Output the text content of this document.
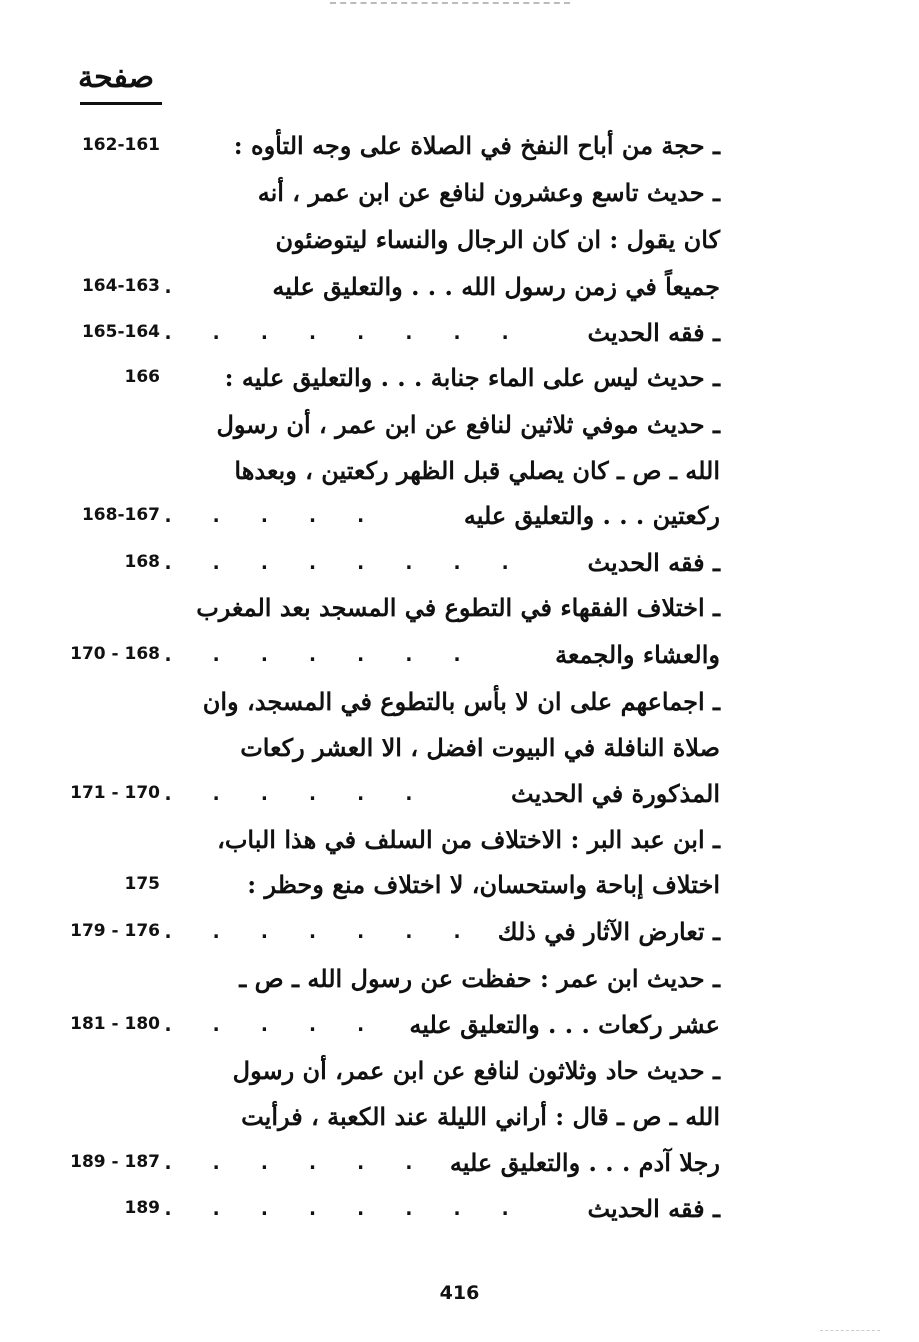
صفحة
162-161	ـ حجة من أباح النفخ في الصلاة على وجه التأوه :
ـ حديث تاسع وعشرون لنافع عن ابن عمر ، أنه
كان يقول : ان كان الرجال والنساء ليتوضئون
164-163 .	جميعاً في زمن رسول الله . . . والتعليق عليه
165-164 .   .   .   .   .   .   .   .	ـ فقه الحديث
166	ـ حديث ليس على الماء جنابة . . . والتعليق عليه :
ـ حديث موفي ثلاثين لنافع عن ابن عمر ، أن رسول
الله ـ ص ـ كان يصلي قبل الظهر ركعتين ، وبعدها
168-167 .   .   .   .   .	ركعتين . . . والتعليق عليه
168 .   .   .   .   .   .   .   .	ـ فقه الحديث
ـ اختلاف الفقهاء في التطوع في المسجد بعد المغرب
170 - 168 .   .   .   .   .   .   .	والعشاء والجمعة
ـ اجماعهم على ان لا بأس بالتطوع في المسجد، وان
صلاة النافلة في البيوت افضل ، الا العشر ركعات
171 - 170 .   .   .   .   .   .	المذكورة في الحديث
ـ ابن عبد البر : الاختلاف من السلف في هذا الباب،
175	اختلاف إباحة واستحسان، لا اختلاف منع وحظر :
179 - 176 .   .   .   .   .   .   .	ـ تعارض الآثار في ذلك
ـ حديث ابن عمر : حفظت عن رسول الله ـ ص ـ
181 - 180 .   .   .   .   .	عشر ركعات . . . والتعليق عليه
ـ حديث حاد وثلاثون لنافع عن ابن عمر، أن رسول
الله ـ ص ـ قال : أراني الليلة عند الكعبة ، فرأيت
189 - 187 .   .   .   .   .   .	رجلا آدم . . . والتعليق عليه
189 .   .   .   .   .   .   .   .	ـ فقه الحديث
416
